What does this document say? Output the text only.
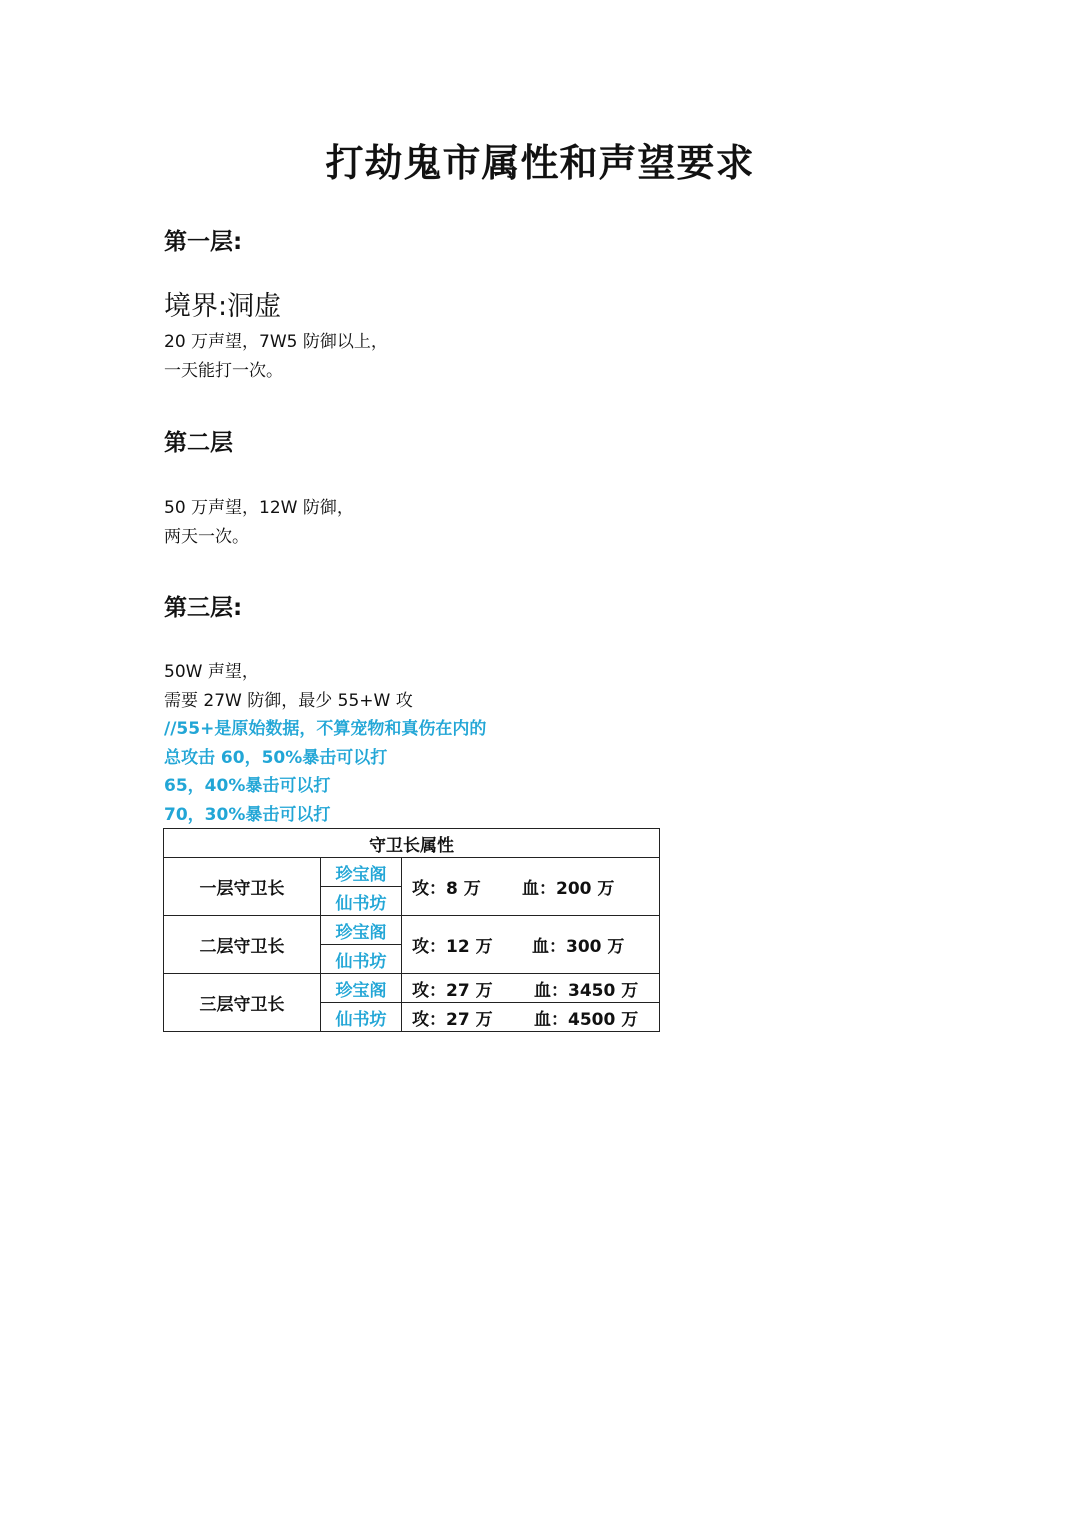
打劫鬼市属性和声望要求
第一层:
境界:洞虚
20 万声望，7W5 防御以上，
一天能打一次。
第二层
50 万声望，12W 防御，
两天一次。
第三层:
50W 声望，
需要 27W 防御，最少 55+W 攻
//55+是原始数据，不算宠物和真伤在内的
总攻击 60，50%暴击可以打
65，40%暴击可以打
70，30%暴击可以打
守卫长属性		
一层守卫长	珍宝阁	攻：8 万 血：200 万
	仙书坊	
二层守卫长	珍宝阁	攻：12 万 血：300 万
	仙书坊	
三层守卫长	珍宝阁	攻：27 万 血：3450 万
	仙书坊	攻：27 万 血：4500 万
